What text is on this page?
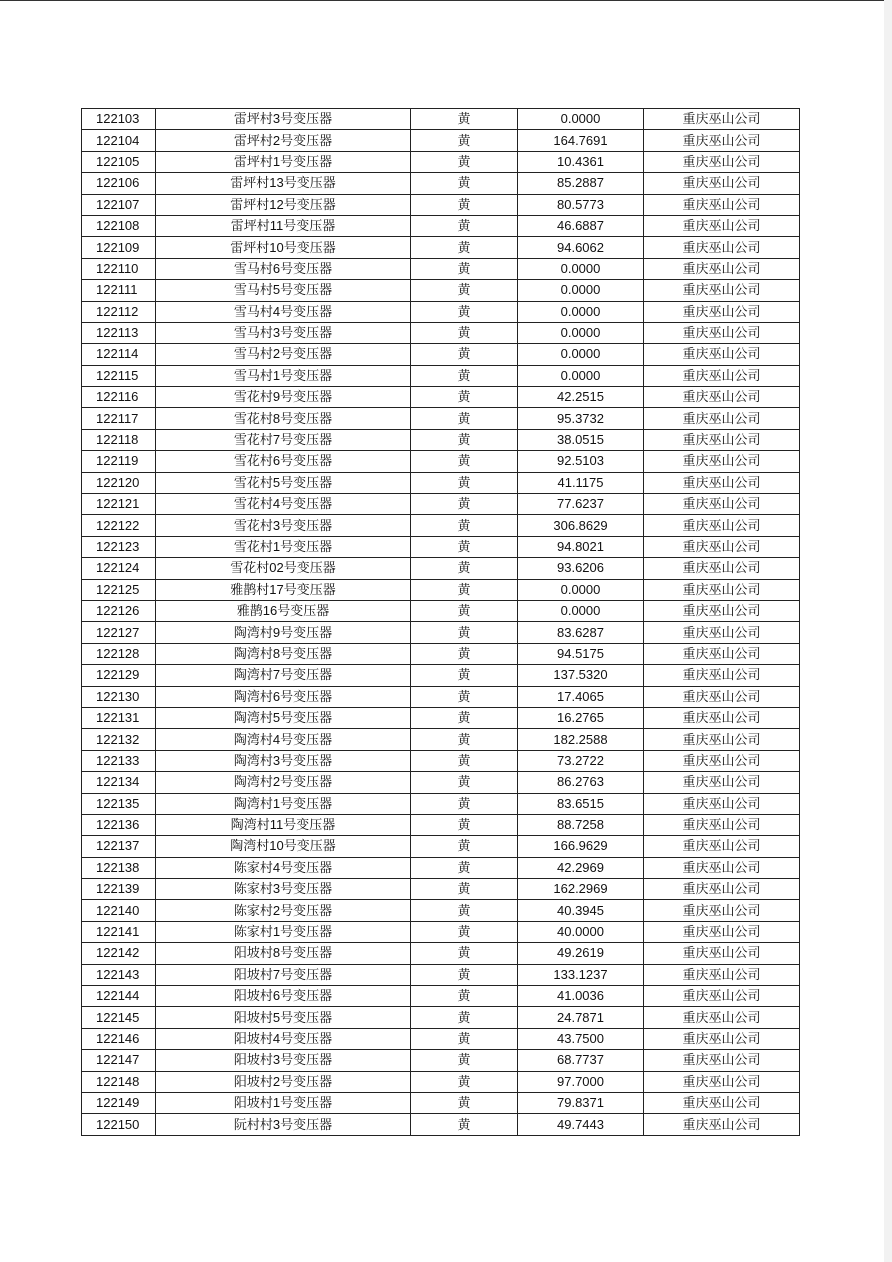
122103	雷坪村3号变压器	黄	0.0000	重庆巫山公司
122104	雷坪村2号变压器	黄	164.7691	重庆巫山公司
122105	雷坪村1号变压器	黄	10.4361	重庆巫山公司
122106	雷坪村13号变压器	黄	85.2887	重庆巫山公司
122107	雷坪村12号变压器	黄	80.5773	重庆巫山公司
122108	雷坪村11号变压器	黄	46.6887	重庆巫山公司
122109	雷坪村10号变压器	黄	94.6062	重庆巫山公司
122110	雪马村6号变压器	黄	0.0000	重庆巫山公司
122111	雪马村5号变压器	黄	0.0000	重庆巫山公司
122112	雪马村4号变压器	黄	0.0000	重庆巫山公司
122113	雪马村3号变压器	黄	0.0000	重庆巫山公司
122114	雪马村2号变压器	黄	0.0000	重庆巫山公司
122115	雪马村1号变压器	黄	0.0000	重庆巫山公司
122116	雪花村9号变压器	黄	42.2515	重庆巫山公司
122117	雪花村8号变压器	黄	95.3732	重庆巫山公司
122118	雪花村7号变压器	黄	38.0515	重庆巫山公司
122119	雪花村6号变压器	黄	92.5103	重庆巫山公司
122120	雪花村5号变压器	黄	41.1175	重庆巫山公司
122121	雪花村4号变压器	黄	77.6237	重庆巫山公司
122122	雪花村3号变压器	黄	306.8629	重庆巫山公司
122123	雪花村1号变压器	黄	94.8021	重庆巫山公司
122124	雪花村02号变压器	黄	93.6206	重庆巫山公司
122125	雅鹊村17号变压器	黄	0.0000	重庆巫山公司
122126	雅鹊16号变压器	黄	0.0000	重庆巫山公司
122127	陶湾村9号变压器	黄	83.6287	重庆巫山公司
122128	陶湾村8号变压器	黄	94.5175	重庆巫山公司
122129	陶湾村7号变压器	黄	137.5320	重庆巫山公司
122130	陶湾村6号变压器	黄	17.4065	重庆巫山公司
122131	陶湾村5号变压器	黄	16.2765	重庆巫山公司
122132	陶湾村4号变压器	黄	182.2588	重庆巫山公司
122133	陶湾村3号变压器	黄	73.2722	重庆巫山公司
122134	陶湾村2号变压器	黄	86.2763	重庆巫山公司
122135	陶湾村1号变压器	黄	83.6515	重庆巫山公司
122136	陶湾村11号变压器	黄	88.7258	重庆巫山公司
122137	陶湾村10号变压器	黄	166.9629	重庆巫山公司
122138	陈家村4号变压器	黄	42.2969	重庆巫山公司
122139	陈家村3号变压器	黄	162.2969	重庆巫山公司
122140	陈家村2号变压器	黄	40.3945	重庆巫山公司
122141	陈家村1号变压器	黄	40.0000	重庆巫山公司
122142	阳坡村8号变压器	黄	49.2619	重庆巫山公司
122143	阳坡村7号变压器	黄	133.1237	重庆巫山公司
122144	阳坡村6号变压器	黄	41.0036	重庆巫山公司
122145	阳坡村5号变压器	黄	24.7871	重庆巫山公司
122146	阳坡村4号变压器	黄	43.7500	重庆巫山公司
122147	阳坡村3号变压器	黄	68.7737	重庆巫山公司
122148	阳坡村2号变压器	黄	97.7000	重庆巫山公司
122149	阳坡村1号变压器	黄	79.8371	重庆巫山公司
122150	阮村村3号变压器	黄	49.7443	重庆巫山公司
